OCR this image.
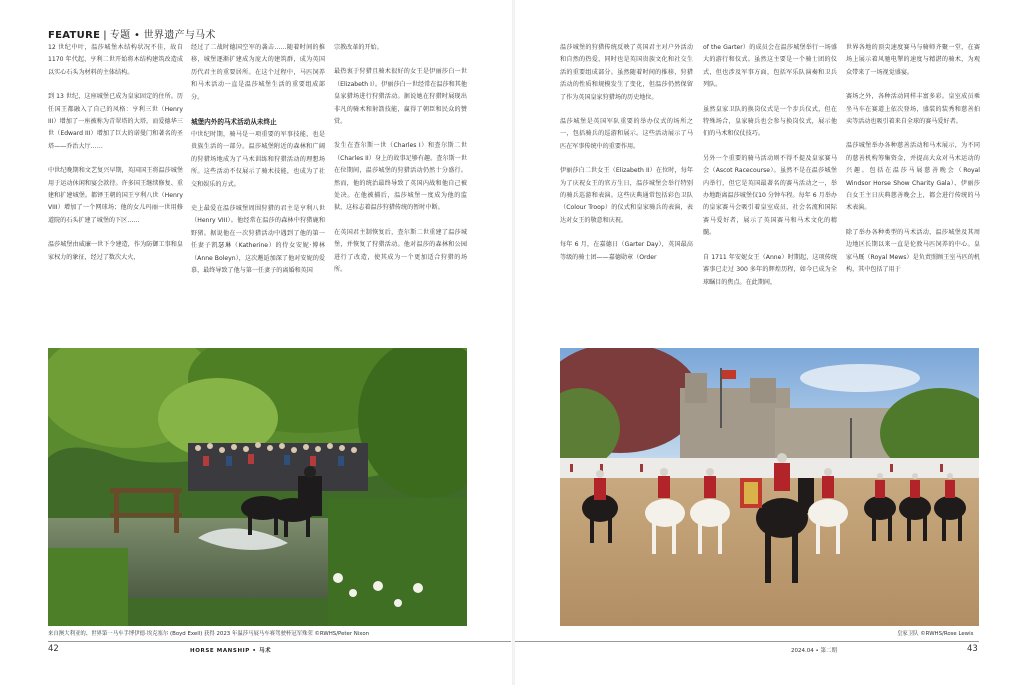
FEATURE | 专题 • 世界遗产与马术

12 世纪中叶，温莎城堡木结构状况不佳，故自 1170 年代起，亨利二世开始将木结构建筑改造成以实心石头为材料的主体结构。

到 13 世纪，这座城堡已成为皇家固定的住所。历任国王都融入了自己的风格：亨利三世（Henry III）增加了一座被称为青翠塔的大塔，而爱德华三世（Edward III）增加了巨大的诺曼门和著名的圣塔——乔治大厅……

中世纪晚期和文艺复兴早期，英国国王将温莎城堡用于运动休闲和宴会款待。许多国王继续修复、重建和扩建城堡。都铎王朝的国王亨利八世（Henry VIII）增加了一个网球场；他的女儿玛丽一世用修道院的石头扩建了城堡的下区……

温莎城堡由威廉一世下令建造，作为防御工事和皇家权力的象征，经过了数次大火，

经过了二战时德国空军的袭击……随着时间的推移，城堡逐渐扩建成为庞大的建筑群，成为英国历代君主的重要居所。在这个过程中，马匹饲养和马术活动一直是温莎城堡生活的重要组成部分。

城堡内外的马术活动从未终止

中世纪时期，骑马是一项重要的军事技能，也是贵族生活的一部分。温莎城堡附近的森林和广阔的狩猎场地成为了马术训练和狩猎活动的理想场所。这些活动不仅展示了骑术技能，也成为了社交和娱乐的方式。

史上最爱在温莎城堡周围狩猎的君主是亨利八世（Henry VIII）。他经常在温莎的森林中狩猎鹿和野猪。据说他在一次狩猎活动中遇到了他的第一任妻子凯瑟琳（Katherine）的侍女安妮·博林（Anne Boleyn），这次邂逅加深了他对安妮的爱慕，最终导致了他与第一任妻子的离婚和英国

宗教改革的开始。

最热衷于狩猎且骑术很好的女王是伊丽莎白一世（Elizabeth I）。伊丽莎白一世经常在温莎和其他皇家猎场进行狩猎活动。据说她在狩猎时展现出非凡的骑术和射箭技能，赢得了朝臣和民众的赞赏。

发生在查尔斯一世（Charles I）和查尔斯二世（Charles II）身上的故事足够有趣。查尔斯一世在位期间，温莎城堡的狩猎活动仍然十分盛行。然而，他的统治最终导致了英国内战和他自己被处决。在他被捕后，温莎城堡一度成为他的监狱，这标志着温莎狩猎传统的暂时中断。

在英国君主制恢复后，查尔斯二世重建了温莎城堡，并恢复了狩猎活动。他对温莎的森林和公园进行了改造，使其成为一个更加适合狩猎的场所。

来自澳大利亚的、世界第一马车手博伊德·埃克塞尔 (Boyd Exell) 获得 2023 年温莎马展马车赛驾驶杯冠军殊荣 ©RWHS/Peter Nixon
42	HORSE MANSHIP • 马术

温莎城堡的狩猎传统反映了英国君主对户外活动和自然的热爱，同时也是英国贵族文化和社交生活的重要组成部分。虽然随着时间的推移，狩猎活动的性质和规模发生了变化，但温莎仍然保留了作为英国皇家狩猎场的历史地位。

温莎城堡是英国军队重要的举办仪式的场所之一，包括骑兵的巡游和展示。这些活动展示了马匹在军事传统中的重要作用。

伊丽莎白二世女王（Elizabeth II）在位时，每年为了庆祝女王的官方生日，温莎城堡会举行特别的骑兵巡游和表演。这些庆典通常包括彩色卫队（Colour Troop）的仪式和皇家骑兵的表演，表达对女王的敬意和庆祝。

每年 6 月，在嘉德日（Garter Day），英国最高等级的骑士团——嘉德勋章（Order

of the Garter）的成员会在温莎城堡举行一场盛大的游行和仪式。虽然这主要是一个骑士团的仪式，但也涉及军事方面，包括军乐队演奏和卫兵列队。

虽然皇家卫队的换岗仪式是一个步兵仪式，但在特殊场合，皇家骑兵也会参与换岗仪式，展示他们的马术和仪仗技巧。

另外一个重要的骑马活动则不得不提及皇家赛马会（Ascot Racecourse）。虽然不是在温莎城堡内举行，但它是英国最著名的赛马活动之一，举办地距离温莎城堡仅10 分钟车程。每年 6 月举办的皇家赛马会吸引着皇室成员、社会名流和国际赛马爱好者，展示了英国赛马和马术文化的精髓。

自 1711 年安妮女王（Anne）时期起，这项传统赛事已走过 300 多年的辉煌历程，如今已成为全球瞩目的焦点。在此期间，

世界各地的顶尖速度赛马与骑师齐聚一堂，在赛场上展示着风驰电掣的速度与精湛的骑术，为观众带来了一场视觉盛宴。

赛场之外，各种活动同样丰富多彩。皇室成员乘坐马车在赛道上依次登场，盛装的装秀和慈善拍卖等活动也吸引着来自全球的赛马爱好者。

温莎城堡举办各种慈善活动和马术展示，为不同的慈善机构筹集资金，并提高大众对马术运动的兴趣。包括在温莎马展慈善晚会（Royal Windsor Horse Show Charity Gala）、伊丽莎白女王主日庆典慈善晚会上，都会进行传统的马术表演。

除了举办各种类型的马术活动，温莎城堡及其周边地区长期以来一直是伦敦马匹饲养的中心。皇家马厩（Royal Mews）是负责照顾王室马匹的机构，其中包括了用于

皇家卫队 ©RWHS/Rose Lewis
2024.04 • 第二期	43
